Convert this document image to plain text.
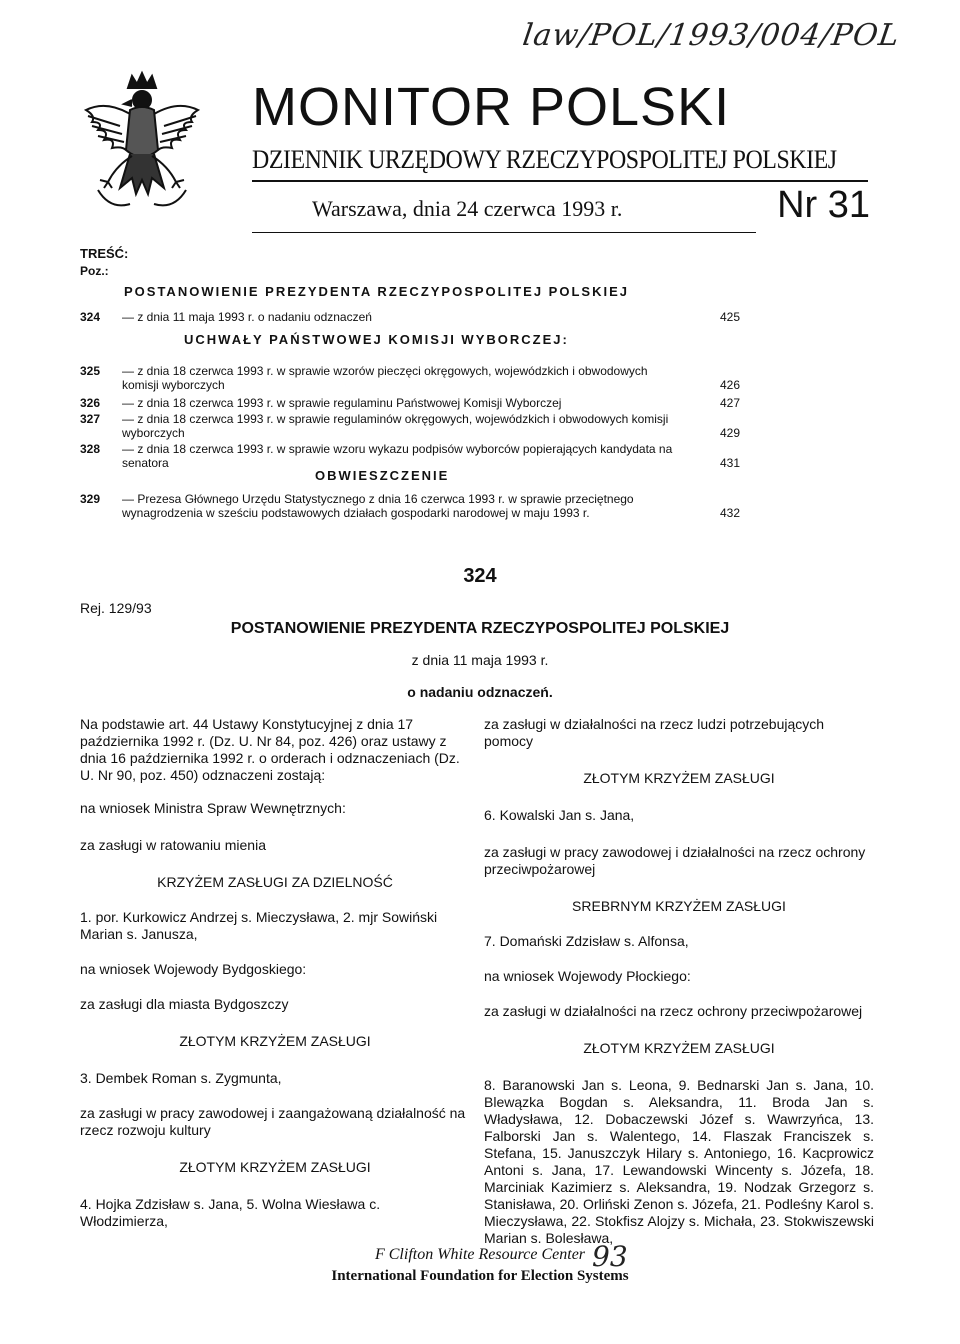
law/POL/1993/004/POL
MONITOR POLSKI
DZIENNIK URZĘDOWY RZECZYPOSPOLITEJ POLSKIEJ
Warszawa, dnia 24 czerwca 1993 r.	Nr 31
TREŚĆ:
Poz.:
POSTANOWIENIE PREZYDENTA RZECZYPOSPOLITEJ POLSKIEJ
324 — z dnia 11 maja 1993 r. o nadaniu odznaczeń	425
UCHWAŁY PAŃSTWOWEJ KOMISJI WYBORCZEJ:
325 — z dnia 18 czerwca 1993 r. w sprawie wzorów pieczęci okręgowych, wojewódzkich i obwodowych komisji wyborczych	426
326 — z dnia 18 czerwca 1993 r. w sprawie regulaminu Państwowej Komisji Wyborczej	427
327 — z dnia 18 czerwca 1993 r. w sprawie regulaminów okręgowych, wojewódzkich i obwodowych komisji wyborczych	429
328 — z dnia 18 czerwca 1993 r. w sprawie wzoru wykazu podpisów wyborców popierających kandydata na senatora	431
OBWIESZCZENIE
329 — Prezesa Głównego Urzędu Statystycznego z dnia 16 czerwca 1993 r. w sprawie przeciętnego wynagrodzenia w sześciu podstawowych działach gospodarki narodowej w maju 1993 r.	432
324
Rej. 129/93
POSTANOWIENIE PREZYDENTA RZECZYPOSPOLITEJ POLSKIEJ
z dnia 11 maja 1993 r.
o nadaniu odznaczeń.

Na podstawie art. 44 Ustawy Konstytucyjnej z dnia 17 października 1992 r. (Dz. U. Nr 84, poz. 426) oraz ustawy z dnia 16 października 1992 r. o orderach i odznaczeniach (Dz. U. Nr 90, poz. 450) odznaczeni zostają:

na wniosek Ministra Spraw Wewnętrznych:

za zasługi w ratowaniu mienia

KRZYŻEM ZASŁUGI ZA DZIELNOŚĆ

1. por. Kurkowicz Andrzej s. Mieczysława, 2. mjr Sowiński Marian s. Janusza,

na wniosek Wojewody Bydgoskiego:

za zasługi dla miasta Bydgoszczy

ZŁOTYM KRZYŻEM ZASŁUGI

3. Dembek Roman s. Zygmunta,

za zasługi w pracy zawodowej i zaangażowaną działalność na rzecz rozwoju kultury

ZŁOTYM KRZYŻEM ZASŁUGI

4. Hojka Zdzisław s. Jana, 5. Wolna Wiesława c. Włodzimierza,

za zasługi w działalności na rzecz ludzi potrzebujących pomocy

ZŁOTYM KRZYŻEM ZASŁUGI

6. Kowalski Jan s. Jana,

za zasługi w pracy zawodowej i działalności na rzecz ochrony przeciwpożarowej

SREBRNYM KRZYŻEM ZASŁUGI

7. Domański Zdzisław s. Alfonsa,

na wniosek Wojewody Płockiego:

za zasługi w działalności na rzecz ochrony przeciwpożarowej

ZŁOTYM KRZYŻEM ZASŁUGI

8. Baranowski Jan s. Leona, 9. Bednarski Jan s. Jana, 10. Blewązka Bogdan s. Aleksandra, 11. Broda Jan s. Władysława, 12. Dobaczewski Józef s. Wawrzyńca, 13. Falborski Jan s. Walentego, 14. Flaszak Franciszek s. Stefana, 15. Januszczyk Hilary s. Antoniego, 16. Kacprowicz Antoni s. Jana, 17. Lewandowski Wincenty s. Józefa, 18. Marciniak Kazimierz s. Aleksandra, 19. Nodzak Grzegorz s. Stanisława, 20. Orliński Zenon s. Józefa, 21. Podleśny Karol s. Mieczysława, 22. Stokfisz Alojzy s. Michała, 23. Stokwiszewski Marian s. Bolesława,

F Clifton White Resource Center
International Foundation for Election Systems
93
